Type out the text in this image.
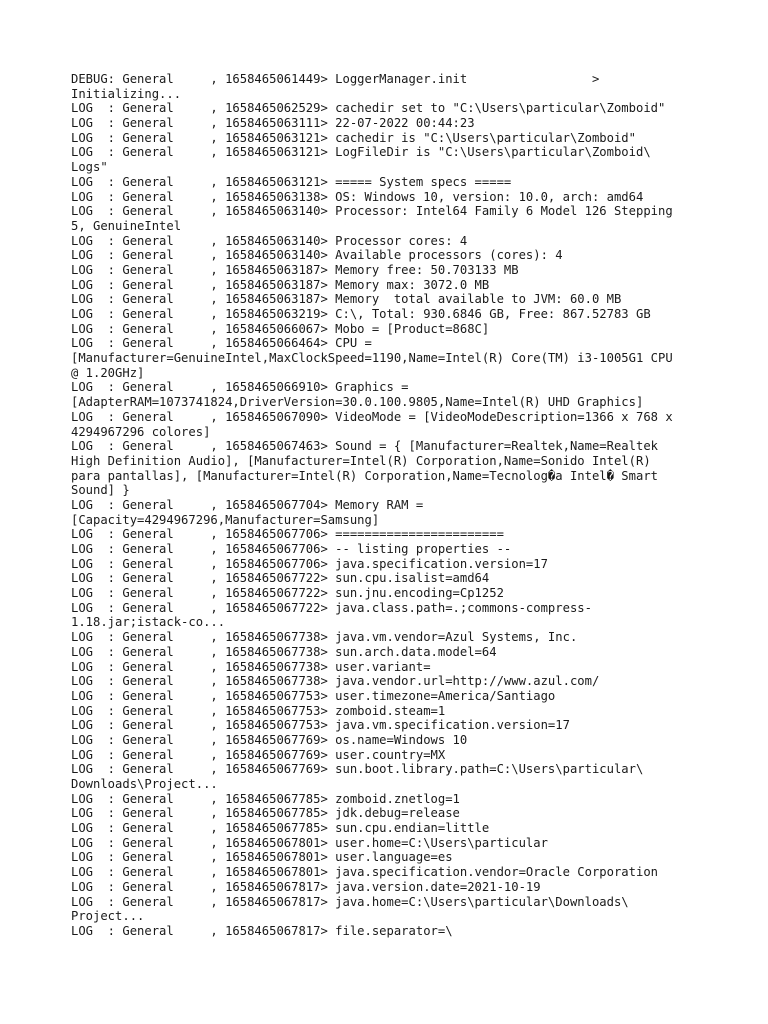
DEBUG: General     , 1658465061449> LoggerManager.init                 >
Initializing...
LOG  : General     , 1658465062529> cachedir set to "C:\Users\particular\Zomboid"
LOG  : General     , 1658465063111> 22-07-2022 00:44:23
LOG  : General     , 1658465063121> cachedir is "C:\Users\particular\Zomboid"
LOG  : General     , 1658465063121> LogFileDir is "C:\Users\particular\Zomboid\
Logs"
LOG  : General     , 1658465063121> ===== System specs =====
LOG  : General     , 1658465063138> OS: Windows 10, version: 10.0, arch: amd64
LOG  : General     , 1658465063140> Processor: Intel64 Family 6 Model 126 Stepping
5, GenuineIntel
LOG  : General     , 1658465063140> Processor cores: 4
LOG  : General     , 1658465063140> Available processors (cores): 4
LOG  : General     , 1658465063187> Memory free: 50.703133 MB
LOG  : General     , 1658465063187> Memory max: 3072.0 MB
LOG  : General     , 1658465063187> Memory  total available to JVM: 60.0 MB
LOG  : General     , 1658465063219> C:\, Total: 930.6846 GB, Free: 867.52783 GB
LOG  : General     , 1658465066067> Mobo = [Product=868C]
LOG  : General     , 1658465066464> CPU =
[Manufacturer=GenuineIntel,MaxClockSpeed=1190,Name=Intel(R) Core(TM) i3-1005G1 CPU
@ 1.20GHz]
LOG  : General     , 1658465066910> Graphics =
[AdapterRAM=1073741824,DriverVersion=30.0.100.9805,Name=Intel(R) UHD Graphics]
LOG  : General     , 1658465067090> VideoMode = [VideoModeDescription=1366 x 768 x
4294967296 colores]
LOG  : General     , 1658465067463> Sound = { [Manufacturer=Realtek,Name=Realtek
High Definition Audio], [Manufacturer=Intel(R) Corporation,Name=Sonido Intel(R)
para pantallas], [Manufacturer=Intel(R) Corporation,Name=Tecnolog�a Intel� Smart
Sound] }
LOG  : General     , 1658465067704> Memory RAM =
[Capacity=4294967296,Manufacturer=Samsung]
LOG  : General     , 1658465067706> =======================
LOG  : General     , 1658465067706> -- listing properties --
LOG  : General     , 1658465067706> java.specification.version=17
LOG  : General     , 1658465067722> sun.cpu.isalist=amd64
LOG  : General     , 1658465067722> sun.jnu.encoding=Cp1252
LOG  : General     , 1658465067722> java.class.path=.;commons-compress-
1.18.jar;istack-co...
LOG  : General     , 1658465067738> java.vm.vendor=Azul Systems, Inc.
LOG  : General     , 1658465067738> sun.arch.data.model=64
LOG  : General     , 1658465067738> user.variant=
LOG  : General     , 1658465067738> java.vendor.url=http://www.azul.com/
LOG  : General     , 1658465067753> user.timezone=America/Santiago
LOG  : General     , 1658465067753> zomboid.steam=1
LOG  : General     , 1658465067753> java.vm.specification.version=17
LOG  : General     , 1658465067769> os.name=Windows 10
LOG  : General     , 1658465067769> user.country=MX
LOG  : General     , 1658465067769> sun.boot.library.path=C:\Users\particular\
Downloads\Project...
LOG  : General     , 1658465067785> zomboid.znetlog=1
LOG  : General     , 1658465067785> jdk.debug=release
LOG  : General     , 1658465067785> sun.cpu.endian=little
LOG  : General     , 1658465067801> user.home=C:\Users\particular
LOG  : General     , 1658465067801> user.language=es
LOG  : General     , 1658465067801> java.specification.vendor=Oracle Corporation
LOG  : General     , 1658465067817> java.version.date=2021-10-19
LOG  : General     , 1658465067817> java.home=C:\Users\particular\Downloads\
Project...
LOG  : General     , 1658465067817> file.separator=\
